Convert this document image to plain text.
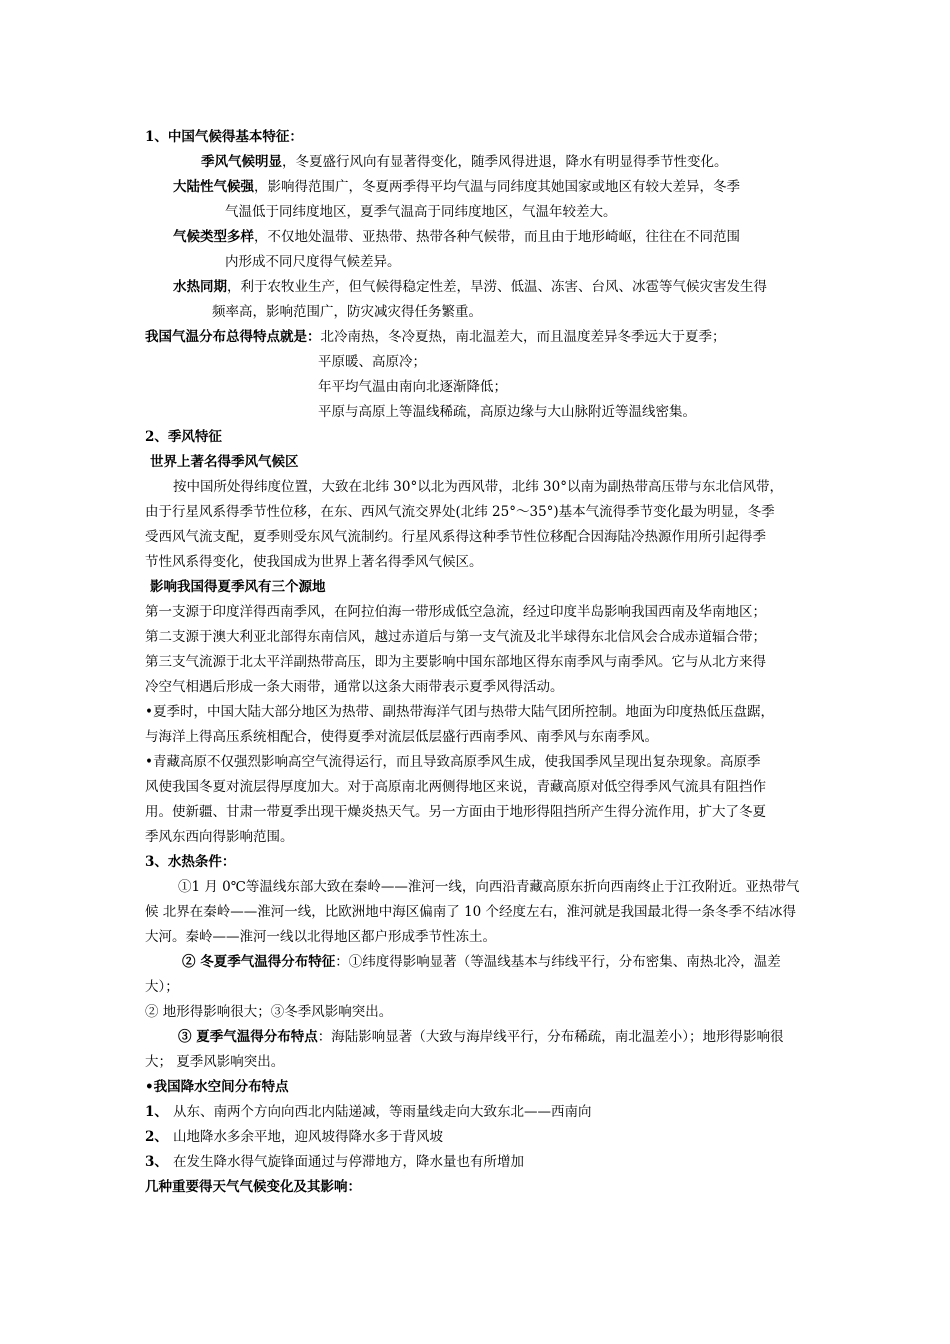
1、中国气候得基本特征：
季风气候明显，冬夏盛行风向有显著得变化，随季风得进退，降水有明显得季节性变化。
大陆性气候强，影响得范围广，冬夏两季得平均气温与同纬度其她国家或地区有较大差异，冬季
气温低于同纬度地区，夏季气温高于同纬度地区，气温年较差大。
气候类型多样，不仅地处温带、亚热带、热带各种气候带，而且由于地形崎岖，往往在不同范围
内形成不同尺度得气候差异。
水热同期，利于农牧业生产，但气候得稳定性差，旱涝、低温、冻害、台风、冰雹等气候灾害发生得
频率高，影响范围广，防灾减灾得任务繁重。
我国气温分布总得特点就是：北冷南热，冬冷夏热，南北温差大，而且温度差异冬季远大于夏季；
平原暖、高原冷；
年平均气温由南向北逐渐降低；
平原与高原上等温线稀疏，高原边缘与大山脉附近等温线密集。
2、季风特征
世界上著名得季风气候区
按中国所处得纬度位置，大致在北纬 30°以北为西风带，北纬 30°以南为副热带高压带与东北信风带，
由于行星风系得季节性位移，在东、西风气流交界处(北纬 25°～35°)基本气流得季节变化最为明显，冬季
受西风气流支配，夏季则受东风气流制约。行星风系得这种季节性位移配合因海陆冷热源作用所引起得季
节性风系得变化，使我国成为世界上著名得季风气候区。
影响我国得夏季风有三个源地
第一支源于印度洋得西南季风，在阿拉伯海一带形成低空急流，经过印度半岛影响我国西南及华南地区；
第二支源于澳大利亚北部得东南信风，越过赤道后与第一支气流及北半球得东北信风会合成赤道辐合带；
第三支气流源于北太平洋副热带高压，即为主要影响中国东部地区得东南季风与南季风。它与从北方来得
冷空气相遇后形成一条大雨带，通常以这条大雨带表示夏季风得活动。
•夏季时，中国大陆大部分地区为热带、副热带海洋气团与热带大陆气团所控制。地面为印度热低压盘踞，
与海洋上得高压系统相配合，使得夏季对流层低层盛行西南季风、南季风与东南季风。
•青藏高原不仅强烈影响高空气流得运行，而且导致高原季风生成，使我国季风呈现出复杂现象。高原季
风使我国冬夏对流层得厚度加大。对于高原南北两侧得地区来说，青藏高原对低空得季风气流具有阻挡作
用。使新疆、甘肃一带夏季出现干燥炎热天气。另一方面由于地形得阻挡所产生得分流作用，扩大了冬夏
季风东西向得影响范围。
3、水热条件：
①1 月 0℃等温线东部大致在秦岭——淮河一线，向西沿青藏高原东折向西南终止于江孜附近。亚热带气
候 北界在秦岭——淮河一线，比欧洲地中海区偏南了 10 个经度左右，淮河就是我国最北得一条冬季不结冰得
大河。秦岭——淮河一线以北得地区都户形成季节性冻土。
② 冬夏季气温得分布特征：①纬度得影响显著（等温线基本与纬线平行，分布密集、南热北冷，温差
大）；
② 地形得影响很大；③冬季风影响突出。
③ 夏季气温得分布特点：海陆影响显著（大致与海岸线平行，分布稀疏，南北温差小）；地形得影响很
大； 夏季风影响突出。
•我国降水空间分布特点
1、 从东、南两个方向向西北内陆递减，等雨量线走向大致东北——西南向
2、 山地降水多余平地，迎风坡得降水多于背风坡
3、 在发生降水得气旋锋面通过与停滞地方，降水量也有所增加
几种重要得天气气候变化及其影响：
